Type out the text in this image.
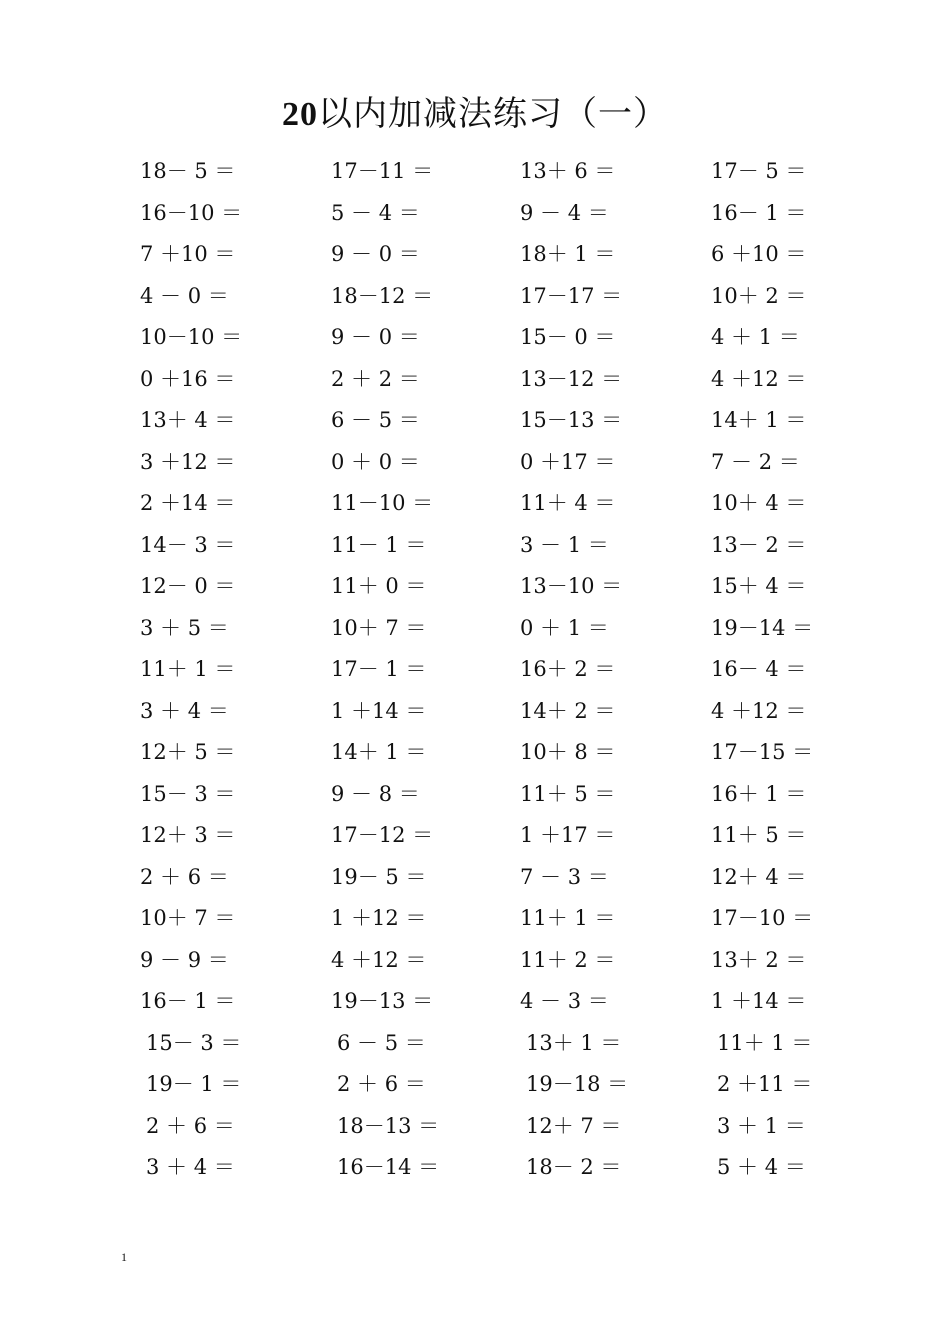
20以内加减法练习（一）
18－ 5 ＝	17－11 ＝	13＋ 6 ＝	17－ 5 ＝
16－10 ＝	5 － 4 ＝	9 － 4 ＝	16－ 1 ＝
7 ＋10 ＝	9 － 0 ＝	18＋ 1 ＝	6 ＋10 ＝
4 － 0 ＝	18－12 ＝	17－17 ＝	10＋ 2 ＝
10－10 ＝	9 － 0 ＝	15－ 0 ＝	4 ＋ 1 ＝
0 ＋16 ＝	2 ＋ 2 ＝	13－12 ＝	4 ＋12 ＝
13＋ 4 ＝	6 － 5 ＝	15－13 ＝	14＋ 1 ＝
3 ＋12 ＝	0 ＋ 0 ＝	0 ＋17 ＝	7 － 2 ＝
2 ＋14 ＝	11－10 ＝	11＋ 4 ＝	10＋ 4 ＝
14－ 3 ＝	11－ 1 ＝	3 － 1 ＝	13－ 2 ＝
12－ 0 ＝	11＋ 0 ＝	13－10 ＝	15＋ 4 ＝
3 ＋ 5 ＝	10＋ 7 ＝	0 ＋ 1 ＝	19－14 ＝
11＋ 1 ＝	17－ 1 ＝	16＋ 2 ＝	16－ 4 ＝
3 ＋ 4 ＝	1 ＋14 ＝	14＋ 2 ＝	4 ＋12 ＝
12＋ 5 ＝	14＋ 1 ＝	10＋ 8 ＝	17－15 ＝
15－ 3 ＝	9 － 8 ＝	11＋ 5 ＝	16＋ 1 ＝
12＋ 3 ＝	17－12 ＝	1 ＋17 ＝	11＋ 5 ＝
2 ＋ 6 ＝	19－ 5 ＝	7 － 3 ＝	12＋ 4 ＝
10＋ 7 ＝	1 ＋12 ＝	11＋ 1 ＝	17－10 ＝
9 － 9 ＝	4 ＋12 ＝	11＋ 2 ＝	13＋ 2 ＝
16－ 1 ＝	19－13 ＝	4 － 3 ＝	1 ＋14 ＝
15－ 3 ＝	6 － 5 ＝	13＋ 1 ＝	11＋ 1 ＝
19－ 1 ＝	2 ＋ 6 ＝	19－18 ＝	2 ＋11 ＝
2 ＋ 6 ＝	18－13 ＝	12＋ 7 ＝	3 ＋ 1 ＝
3 ＋ 4 ＝	16－14 ＝	18－ 2 ＝	5 ＋ 4 ＝
1
